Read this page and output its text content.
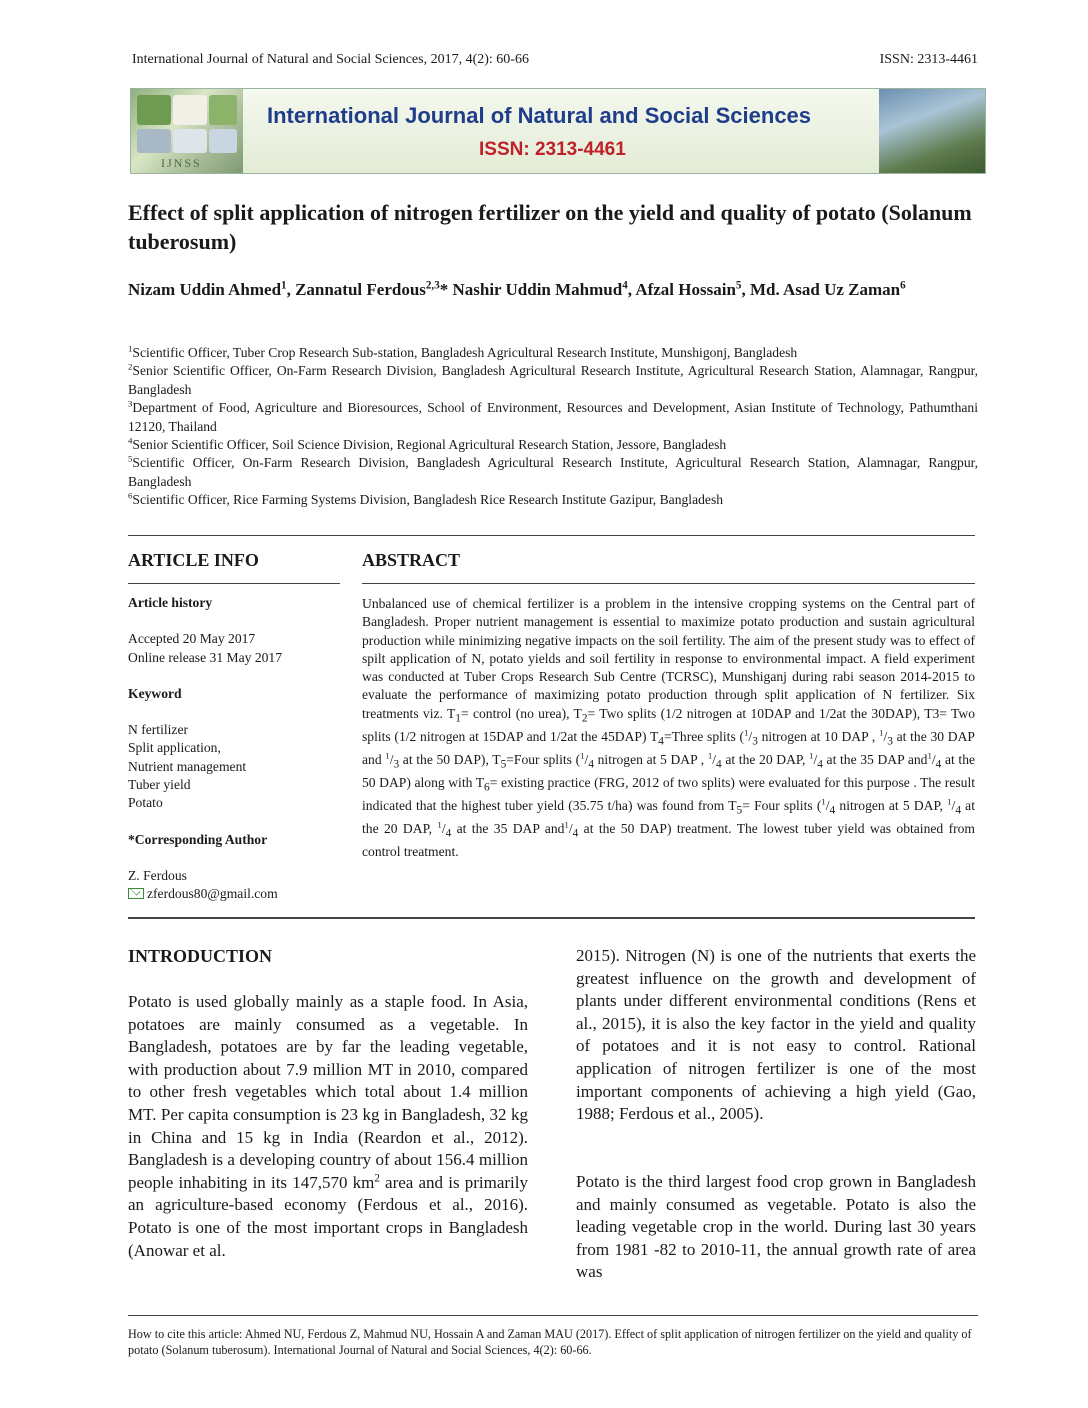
International Journal of Natural and Social Sciences, 2017, 4(2): 60-66	ISSN: 2313-4461
IJNSS
International Journal of Natural and Social Sciences
ISSN: 2313-4461
Effect of split application of nitrogen fertilizer on the yield and quality of potato (Solanum tuberosum)
Nizam Uddin Ahmed$^1$, Zannatul Ferdous$^{2,3}$* Nashir Uddin Mahmud$^4$, Afzal Hossain$^5$, Md. Asad Uz Zaman$^6$

$^1$Scientific Officer, Tuber Crop Research Sub-station, Bangladesh Agricultural Research Institute, Munshigonj, Bangladesh

$^2$Senior Scientific Officer, On-Farm Research Division, Bangladesh Agricultural Research Institute, Agricultural Research Station, Alamnagar, Rangpur, Bangladesh

$^3$Department of Food, Agriculture and Bioresources, School of Environment, Resources and Development, Asian Institute of Technology, Pathumthani 12120, Thailand

$^4$Senior Scientific Officer, Soil Science Division, Regional Agricultural Research Station, Jessore, Bangladesh

$^5$Scientific Officer, On-Farm Research Division, Bangladesh Agricultural Research Institute, Agricultural Research Station, Alamnagar, Rangpur, Bangladesh

$^6$Scientific Officer, Rice Farming Systems Division, Bangladesh Rice Research Institute Gazipur, Bangladesh

ARTICLE INFO	ABSTRACT

Article history

Accepted 20 May 2017

Online release 31 May 2017

Keyword

N fertilizer

Split application,

Nutrient management

Tuber yield

Potato

*Corresponding Author

Z. Ferdous

zferdous80@gmail.com

Unbalanced use of chemical fertilizer is a problem in the intensive cropping systems on the Central part of Bangladesh. Proper nutrient management is essential to maximize potato production and sustain agricultural production while minimizing negative impacts on the soil fertility. The aim of the present study was to effect of spilt application of N, potato yields and soil fertility in response to environmental impact. A field experiment was conducted at Tuber Crops Research Sub Centre (TCRSC), Munshiganj during rabi season 2014-2015 to evaluate the performance of maximizing potato production through split application of N fertilizer. Six treatments viz. $T_1=$ control (no urea), $T_2=$ Two splits (1/2 nitrogen at 10DAP and 1/2at the 30DAP), T3= Two splits (1/2 nitrogen at 15DAP and 1/2at the 45DAP) $T_4=Three$ splits ($^1/_3$ nitrogen at 10 DAP , $^1/_3$ at the 30 DAP and $^1/_3$ at the 50 DAP), $T_5=Four$ splits ($^1/_4$ nitrogen at 5 DAP , $^1/_4$ at the 20 DAP, $^1/_4$ at the 35 DAP $and^1/_4$ at the 50 DAP) along with $T_6=$ existing practice (FRG, 2012 of two splits) were evaluated for this purpose . The result indicated that the highest tuber yield (35.75 t/ha) was found from $T_5=$ Four splits ($^1/_4$ nitrogen at 5 DAP, $^1/_4$ at the 20 DAP, $^1/_4$ at the 35 DAP $and^1/_4$ at the 50 DAP) treatment. The lowest tuber yield was obtained from control treatment.

INTRODUCTION

Potato is used globally mainly as a staple food. In Asia, potatoes are mainly consumed as a vegetable. In Bangladesh, potatoes are by far the leading vegetable, with production about 7.9 million MT in 2010, compared to other fresh vegetables which total about 1.4 million MT. Per capita consumption is 23 kg in Bangladesh, 32 kg in China and 15 kg in India (Reardon et al., 2012). Bangladesh is a developing country of about 156.4 million people inhabiting in its 147,570 $km^2$ area and is primarily an agriculture-based economy (Ferdous et al., 2016). Potato is one of the most important crops in Bangladesh (Anowar et al.

2015). Nitrogen (N) is one of the nutrients that exerts the greatest influence on the growth and development of plants under different environmental conditions (Rens et al., 2015), it is also the key factor in the yield and quality of potatoes and it is not easy to control. Rational application of nitrogen fertilizer is one of the most important components of achieving a high yield (Gao, 1988; Ferdous et al., 2005).

Potato is the third largest food crop grown in Bangladesh and mainly consumed as vegetable. Potato is also the leading vegetable crop in the world. During last 30 years from 1981 -82 to 2010-11, the annual growth rate of area was

How to cite this article: Ahmed NU, Ferdous Z, Mahmud NU, Hossain A and Zaman MAU (2017). Effect of split application of nitrogen fertilizer on the yield and quality of potato (Solanum tuberosum). International Journal of Natural and Social Sciences, 4(2): 60-66.
